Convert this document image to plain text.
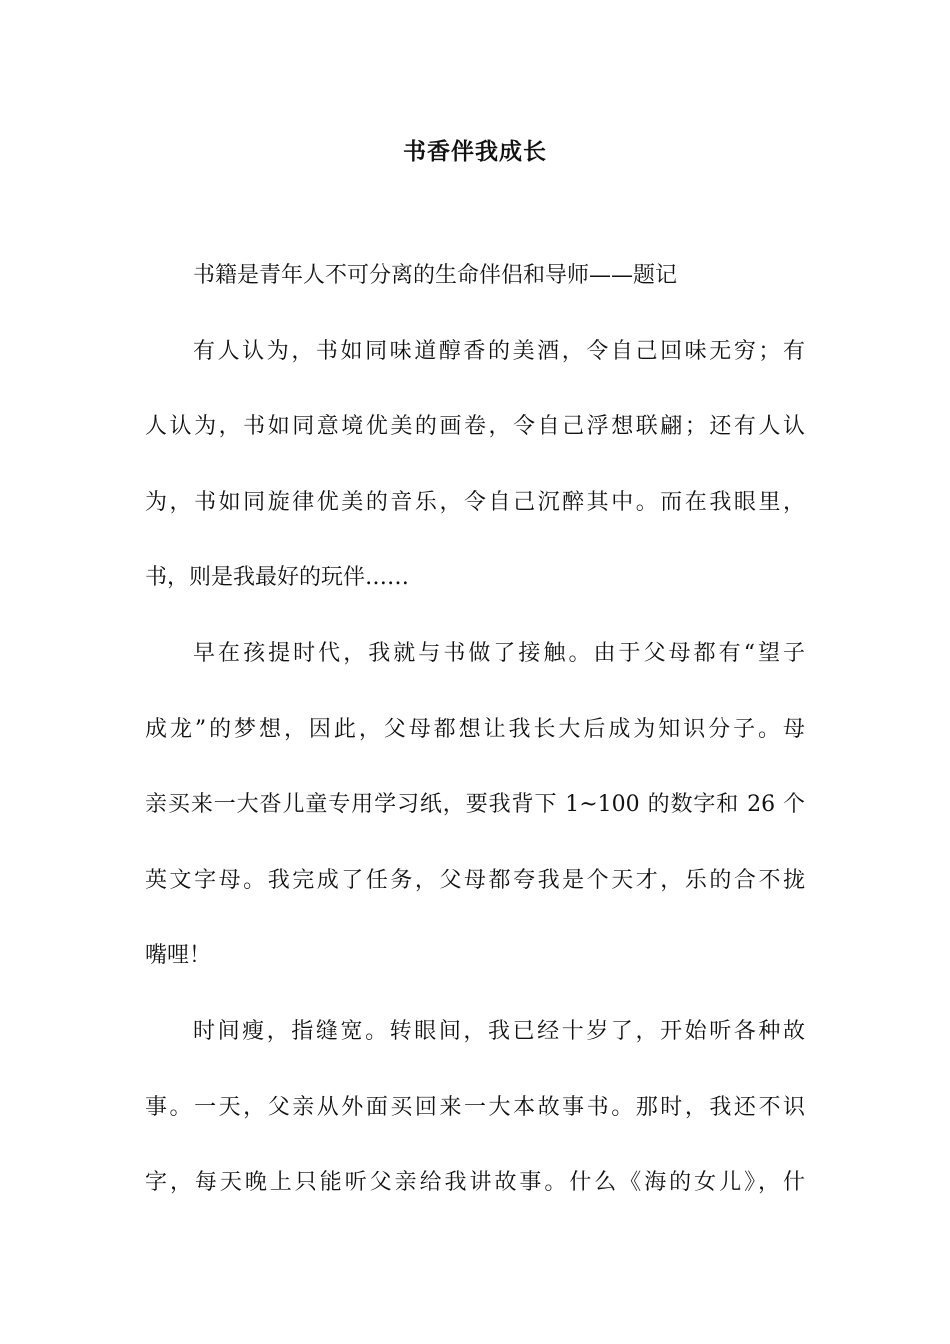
书香伴我成长
书籍是青年人不可分离的生命伴侣和导师——题记
有人认为，书如同味道醇香的美酒，令自己回味无穷；有
人认为，书如同意境优美的画卷，令自己浮想联翩；还有人认
为，书如同旋律优美的音乐，令自己沉醉其中。而在我眼里，
书，则是我最好的玩伴……
早在孩提时代，我就与书做了接触。由于父母都有“望子
成龙”的梦想，因此，父母都想让我长大后成为知识分子。母
亲买来一大沓儿童专用学习纸，要我背下 1~100 的数字和 26 个
英文字母。我完成了任务，父母都夸我是个天才，乐的合不拢
嘴哩！
时间瘦，指缝宽。转眼间，我已经十岁了，开始听各种故
事。一天，父亲从外面买回来一大本故事书。那时，我还不识
字，每天晚上只能听父亲给我讲故事。什么《海的女儿》，什
